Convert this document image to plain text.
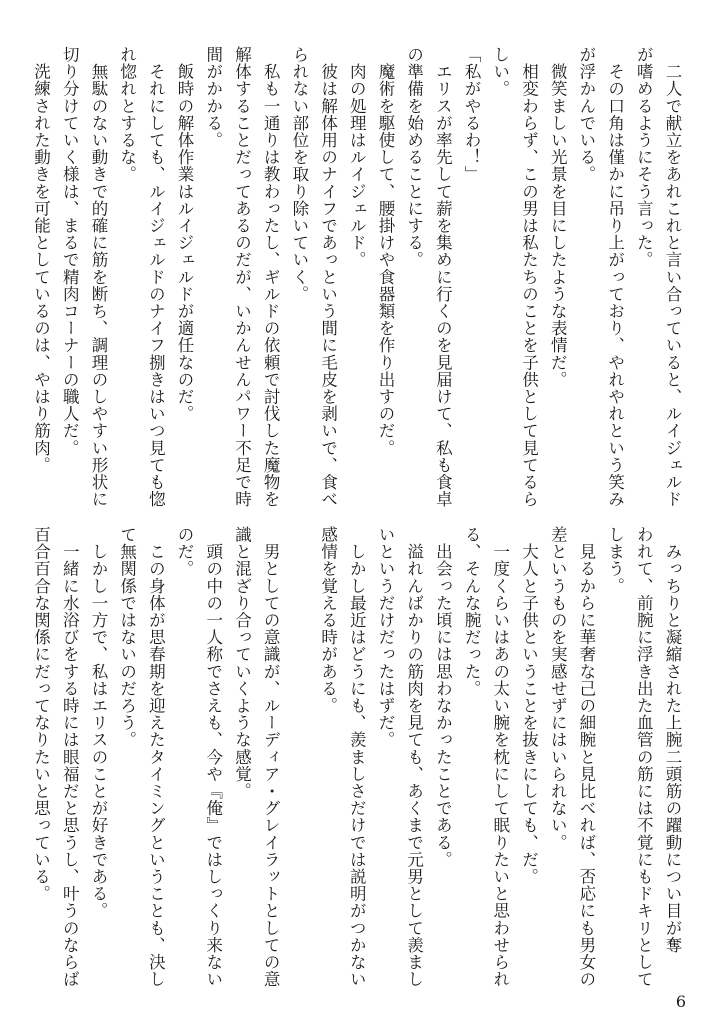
　二人で献立をあれこれと言い合っていると、ルイジェルド
が嗜めるようにそう言った。
　その口角は僅かに吊り上がっており、やれやれという笑み
が浮かんでいる。
　微笑ましい光景を目にしたような表情だ。
　相変わらず、この男は私たちのことを子供として見てるら
しい。
「私がやるわ！」
　エリスが率先して薪を集めに行くのを見届けて、私も食卓
の準備を始めることにする。
　魔術を駆使して、腰掛けや食器類を作り出すのだ。
　肉の処理はルイジェルド。
　彼は解体用のナイフであっという間に毛皮を剥いで、食べ
られない部位を取り除いていく。
　私も一通りは教わったし、ギルドの依頼で討伐した魔物を
解体することだってあるのだが、いかんせんパワー不足で時
間がかかる。
　飯時の解体作業はルイジェルドが適任なのだ。
　それにしても、ルイジェルドのナイフ捌きはいつ見ても惚
れ惚れとするな。
　無駄のない動きで的確に筋を断ち、調理のしやすい形状に
切り分けていく様は、まるで精肉コーナーの職人だ。
　洗練された動きを可能としているのは、やはり筋肉。
　みっちりと凝縮された上腕二頭筋の躍動につい目が奪
われて、前腕に浮き出た血管の筋には不覚にもドキリとして
しまう。
　見るからに華奢な己の細腕と見比べれば、否応にも男女の
差というものを実感せずにはいられない。
　大人と子供ということを抜きにしても、だ。
　一度くらいはあの太い腕を枕にして眠りたいと思わせられ
る、そんな腕だった。
　出会った頃には思わなかったことである。
　溢れんばかりの筋肉を見ても、あくまで元男として羨まし
いというだけだったはずだ。
　しかし最近はどうにも、羨ましさだけでは説明がつかない
感情を覚える時がある。

　男としての意識が、ルーディア・グレイラットとしての意
識と混ざり合っていくような感覚。
　頭の中の一人称でさえも、今や『俺』ではしっくり来ない
のだ。
　この身体が思春期を迎えたタイミングということも、決し
て無関係ではないのだろう。
　しかし一方で、私はエリスのことが好きである。
　一緒に水浴びをする時には眼福だと思うし、叶うのならば
百合百合な関係にだってなりたいと思っている。
6
